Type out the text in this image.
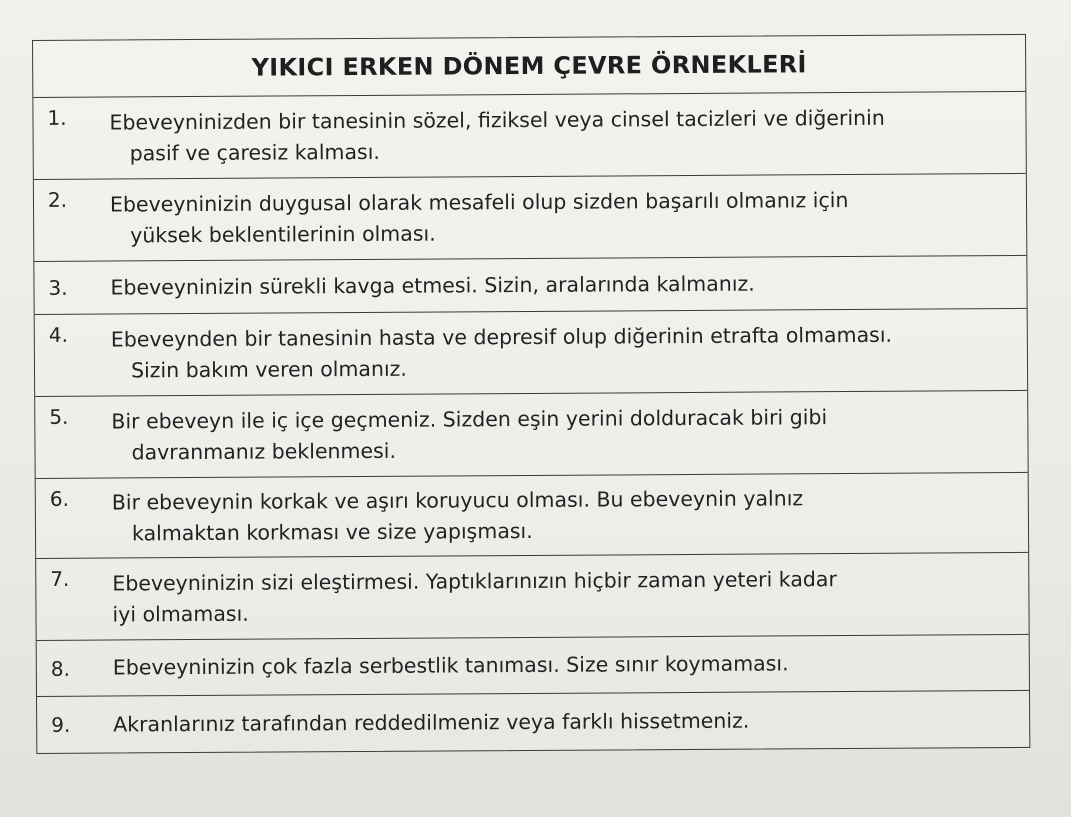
YIKICI ERKEN DÖNEM ÇEVRE ÖRNEKLERİ
1.	Ebeveyninizden bir tanesinin sözel, fiziksel veya cinsel tacizleri ve diğerinin
pasif ve çaresiz kalması.
2.	Ebeveyninizin duygusal olarak mesafeli olup sizden başarılı olmanız için
yüksek beklentilerinin olması.
3.	Ebeveyninizin sürekli kavga etmesi. Sizin, aralarında kalmanız.
4.	Ebeveynden bir tanesinin hasta ve depresif olup diğerinin etrafta olmaması.
Sizin bakım veren olmanız.
5.	Bir ebeveyn ile iç içe geçmeniz. Sizden eşin yerini dolduracak biri gibi
davranmanız beklenmesi.
6.	Bir ebeveynin korkak ve aşırı koruyucu olması. Bu ebeveynin yalnız
kalmaktan korkması ve size yapışması.
7.	Ebeveyninizin sizi eleştirmesi. Yaptıklarınızın hiçbir zaman yeteri kadar
iyi olmaması.
8.	Ebeveyninizin çok fazla serbestlik tanıması. Size sınır koymaması.
9.	Akranlarınız tarafından reddedilmeniz veya farklı hissetmeniz.
